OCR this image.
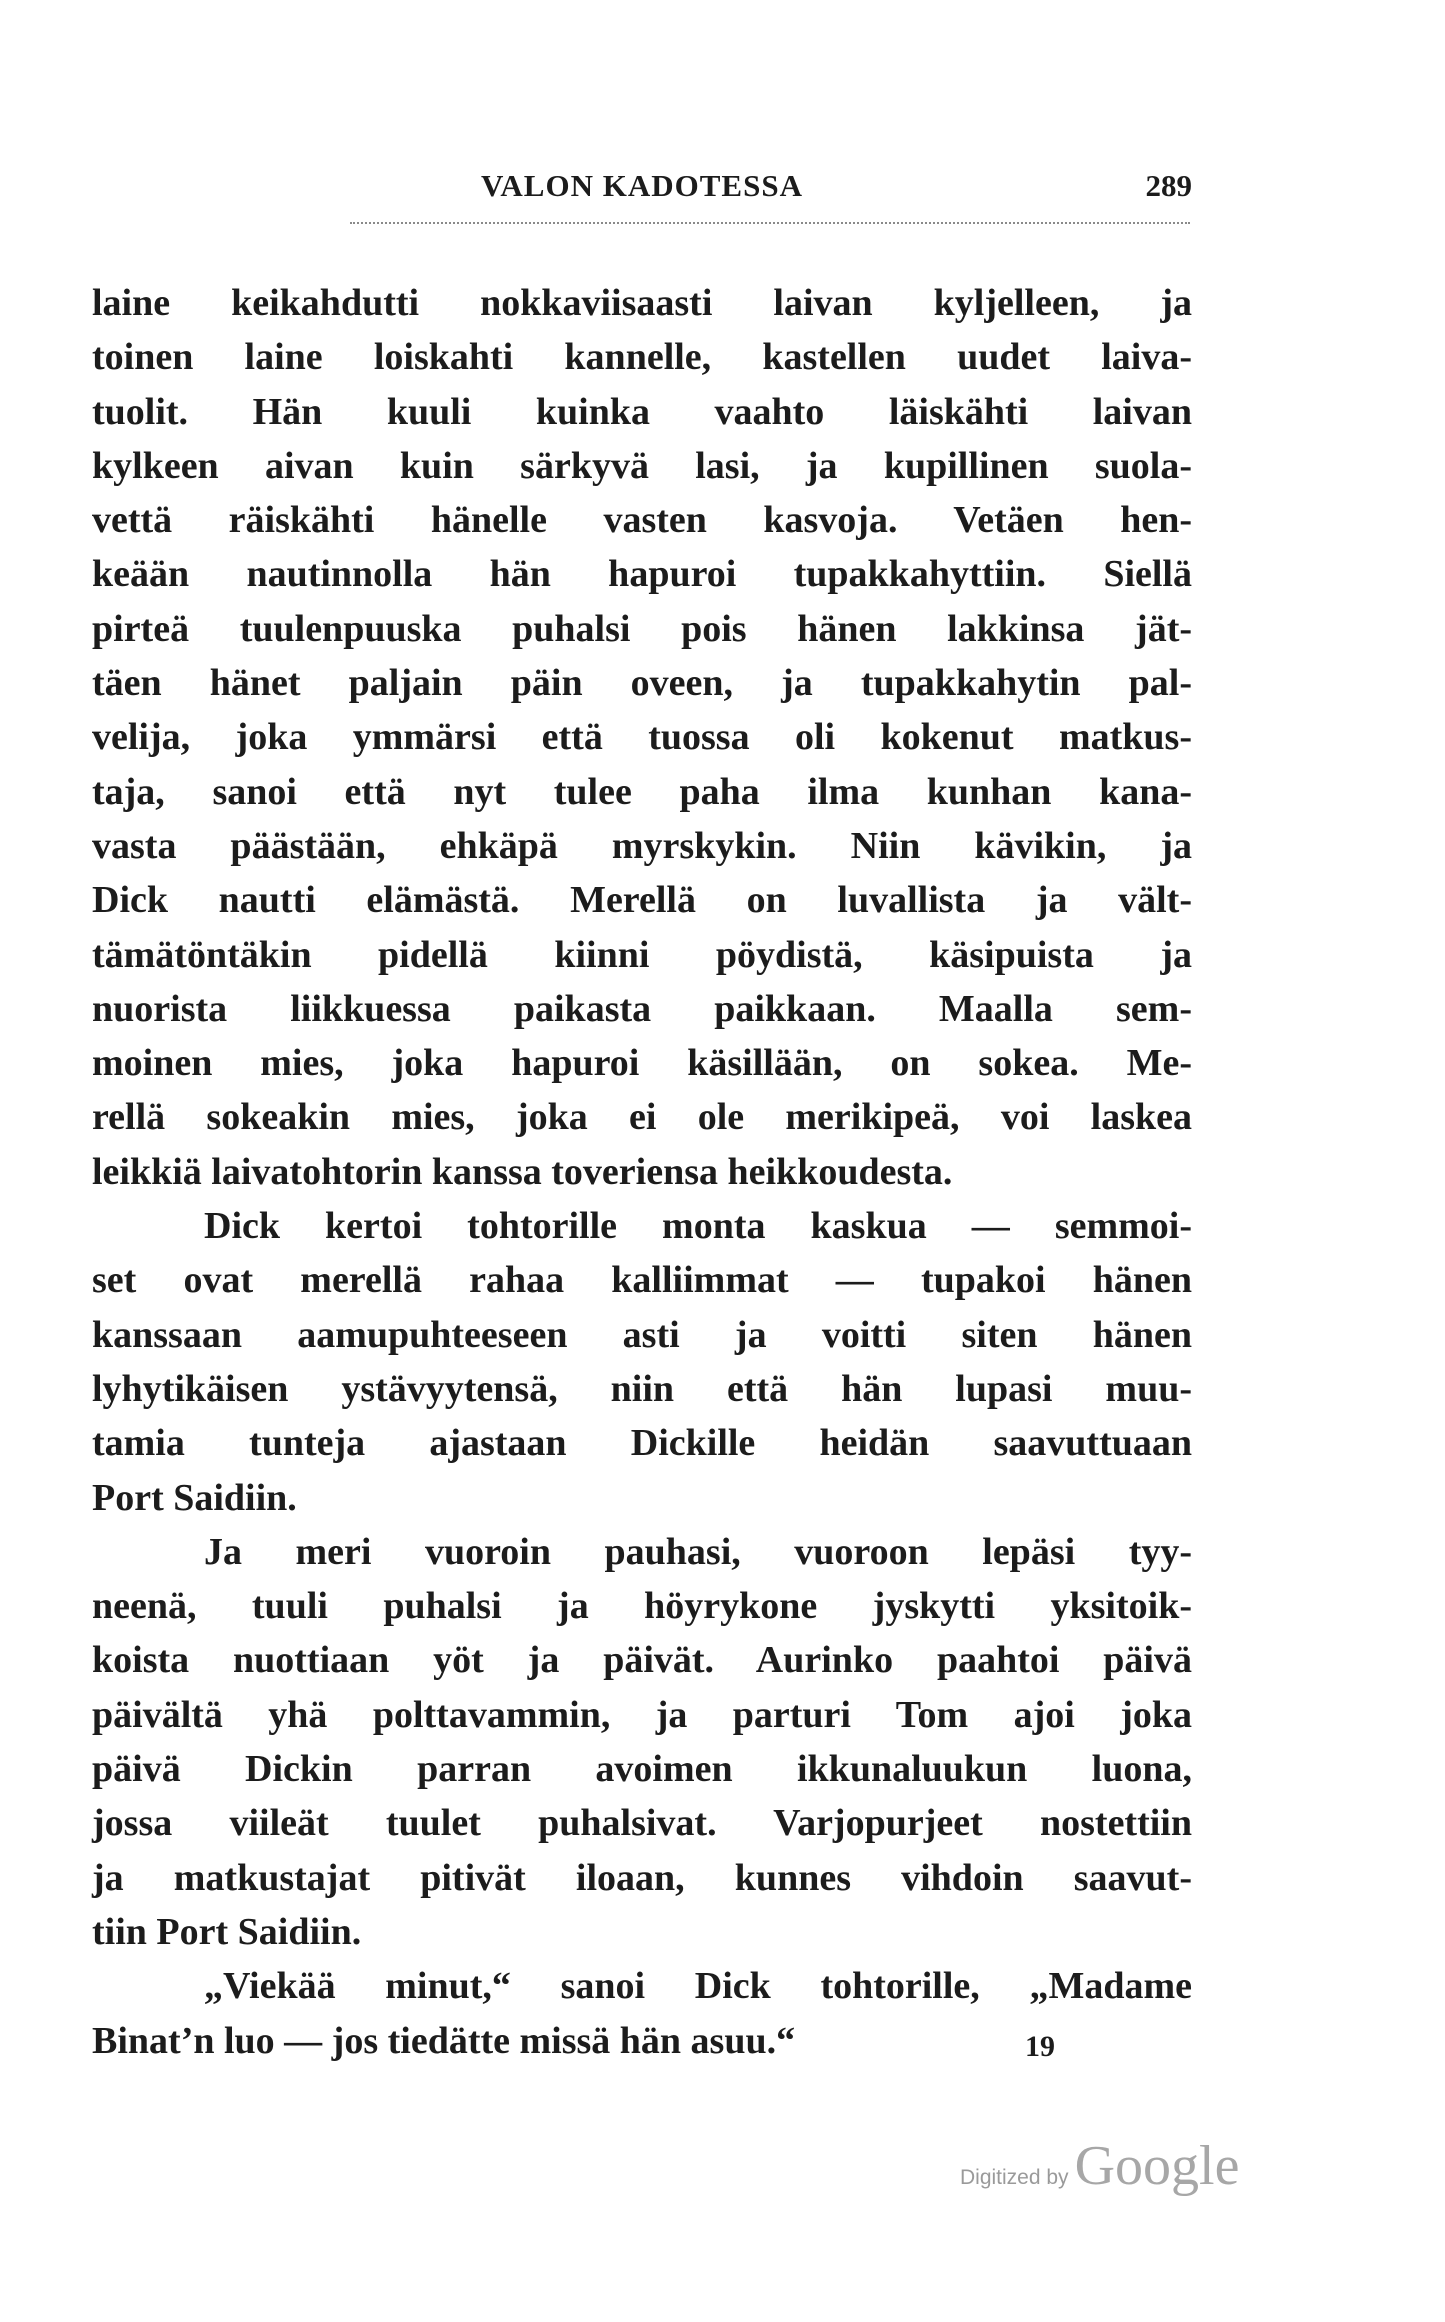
VALON KADOTESSA	289
laine keikahdutti nokkaviisaasti laivan kyljelleen, ja
toinen laine loiskahti kannelle, kastellen uudet laiva-
tuolit. Hän kuuli kuinka vaahto läiskähti laivan
kylkeen aivan kuin särkyvä lasi, ja kupillinen suola-
vettä räiskähti hänelle vasten kasvoja. Vetäen hen-
keään nautinnolla hän hapuroi tupakkahyttiin. Siellä
pirteä tuulenpuuska puhalsi pois hänen lakkinsa jät-
täen hänet paljain päin oveen, ja tupakkahytin pal-
velija, joka ymmärsi että tuossa oli kokenut matkus-
taja, sanoi että nyt tulee paha ilma kunhan kana-
vasta päästään, ehkäpä myrskykin. Niin kävikin, ja
Dick nautti elämästä. Merellä on luvallista ja vält-
tämätöntäkin pidellä kiinni pöydistä, käsipuista ja
nuorista liikkuessa paikasta paikkaan. Maalla sem-
moinen mies, joka hapuroi käsillään, on sokea. Me-
rellä sokeakin mies, joka ei ole merikipeä, voi laskea
leikkiä laivatohtorin kanssa toveriensa heikkoudesta.
Dick kertoi tohtorille monta kaskua — semmoi-
set ovat merellä rahaa kalliimmat — tupakoi hänen
kanssaan aamupuhteeseen asti ja voitti siten hänen
lyhytikäisen ystävyytensä, niin että hän lupasi muu-
tamia tunteja ajastaan Dickille heidän saavuttuaan
Port Saidiin.
Ja meri vuoroin pauhasi, vuoroon lepäsi tyy-
neenä, tuuli puhalsi ja höyrykone jyskytti yksitoik-
koista nuottiaan yöt ja päivät. Aurinko paahtoi päivä
päivältä yhä polttavammin, ja parturi Tom ajoi joka
päivä Dickin parran avoimen ikkunaluukun luona,
jossa viileät tuulet puhalsivat. Varjopurjeet nostettiin
ja matkustajat pitivät iloaan, kunnes vihdoin saavut-
tiin Port Saidiin.
„Viekää minut,“ sanoi Dick tohtorille, „Madame
Binat’n luo — jos tiedätte missä hän asuu.“	19
Digitized by Google
